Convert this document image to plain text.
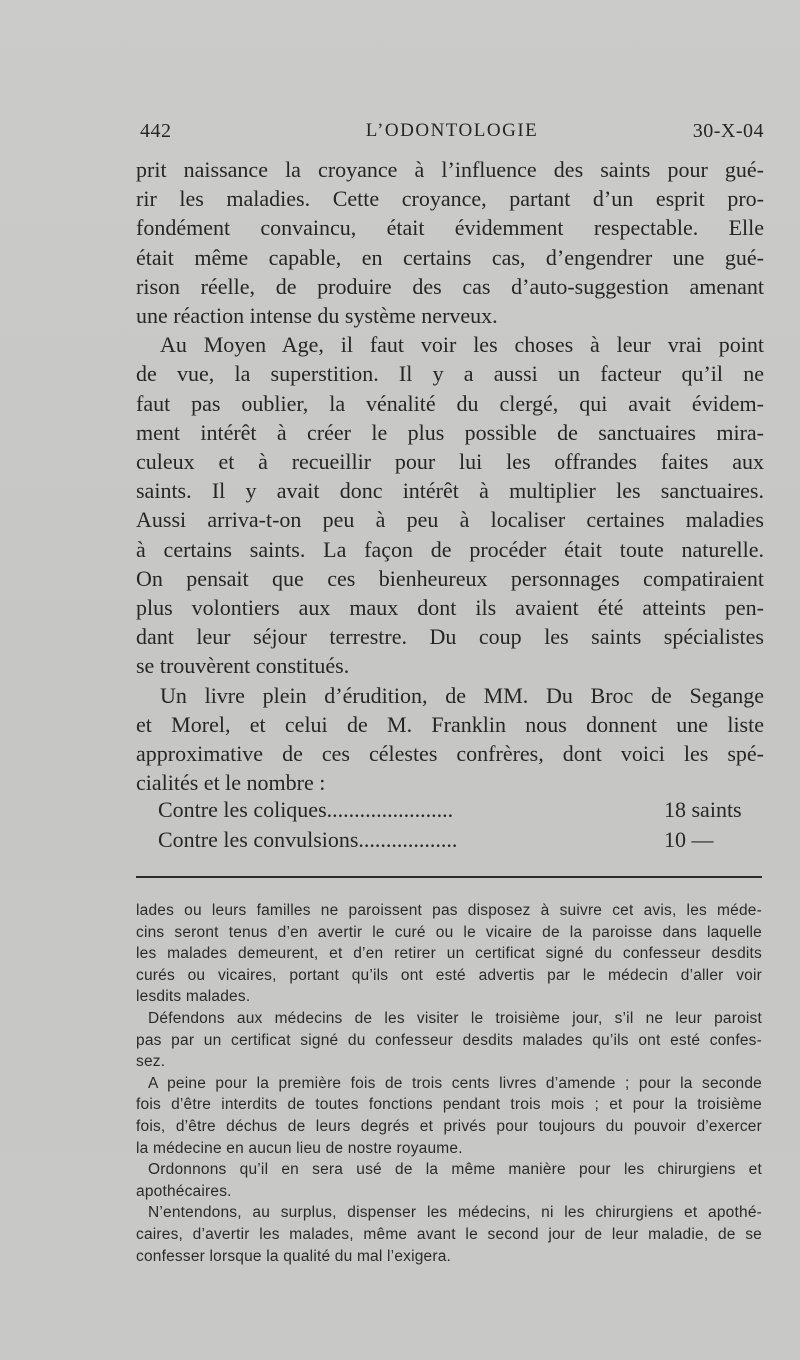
442	L’ODONTOLOGIE	30-X-04
prit naissance la croyance à l’influence des saints pour gué-
rir les maladies. Cette croyance, partant d’un esprit pro-
fondément convaincu, était évidemment respectable. Elle
était même capable, en certains cas, d’engendrer une gué-
rison réelle, de produire des cas d’auto-suggestion amenant
une réaction intense du système nerveux.
Au Moyen Age, il faut voir les choses à leur vrai point
de vue, la superstition. Il y a aussi un facteur qu’il ne
faut pas oublier, la vénalité du clergé, qui avait évidem-
ment intérêt à créer le plus possible de sanctuaires mira-
culeux et à recueillir pour lui les offrandes faites aux
saints. Il y avait donc intérêt à multiplier les sanctuaires.
Aussi arriva-t-on peu à peu à localiser certaines maladies
à certains saints. La façon de procéder était toute naturelle.
On pensait que ces bienheureux personnages compatiraient
plus volontiers aux maux dont ils avaient été atteints pen-
dant leur séjour terrestre. Du coup les saints spécialistes
se trouvèrent constitués.
Un livre plein d’érudition, de MM. Du Broc de Segange
et Morel, et celui de M. Franklin nous donnent une liste
approximative de ces célestes confrères, dont voici les spé-
cialités et le nombre :
Contre les coliques.......................	18 saints
Contre les convulsions..................	10 —
lades ou leurs familles ne paroissent pas disposez à suivre cet avis, les méde-
cins seront tenus d’en avertir le curé ou le vicaire de la paroisse dans laquelle
les malades demeurent, et d’en retirer un certificat signé du confesseur desdits
curés ou vicaires, portant qu’ils ont esté advertis par le médecin d’aller voir
lesdits malades.
Défendons aux médecins de les visiter le troisième jour, s’il ne leur paroist
pas par un certificat signé du confesseur desdits malades qu’ils ont esté confes-
sez.
A peine pour la première fois de trois cents livres d’amende ; pour la seconde
fois d’être interdits de toutes fonctions pendant trois mois ; et pour la troisième
fois, d’être déchus de leurs degrés et privés pour toujours du pouvoir d’exercer
la médecine en aucun lieu de nostre royaume.
Ordonnons qu’il en sera usé de la même manière pour les chirurgiens et
apothécaires.
N’entendons, au surplus, dispenser les médecins, ni les chirurgiens et apothé-
caires, d’avertir les malades, même avant le second jour de leur maladie, de se
confesser lorsque la qualité du mal l’exigera.
